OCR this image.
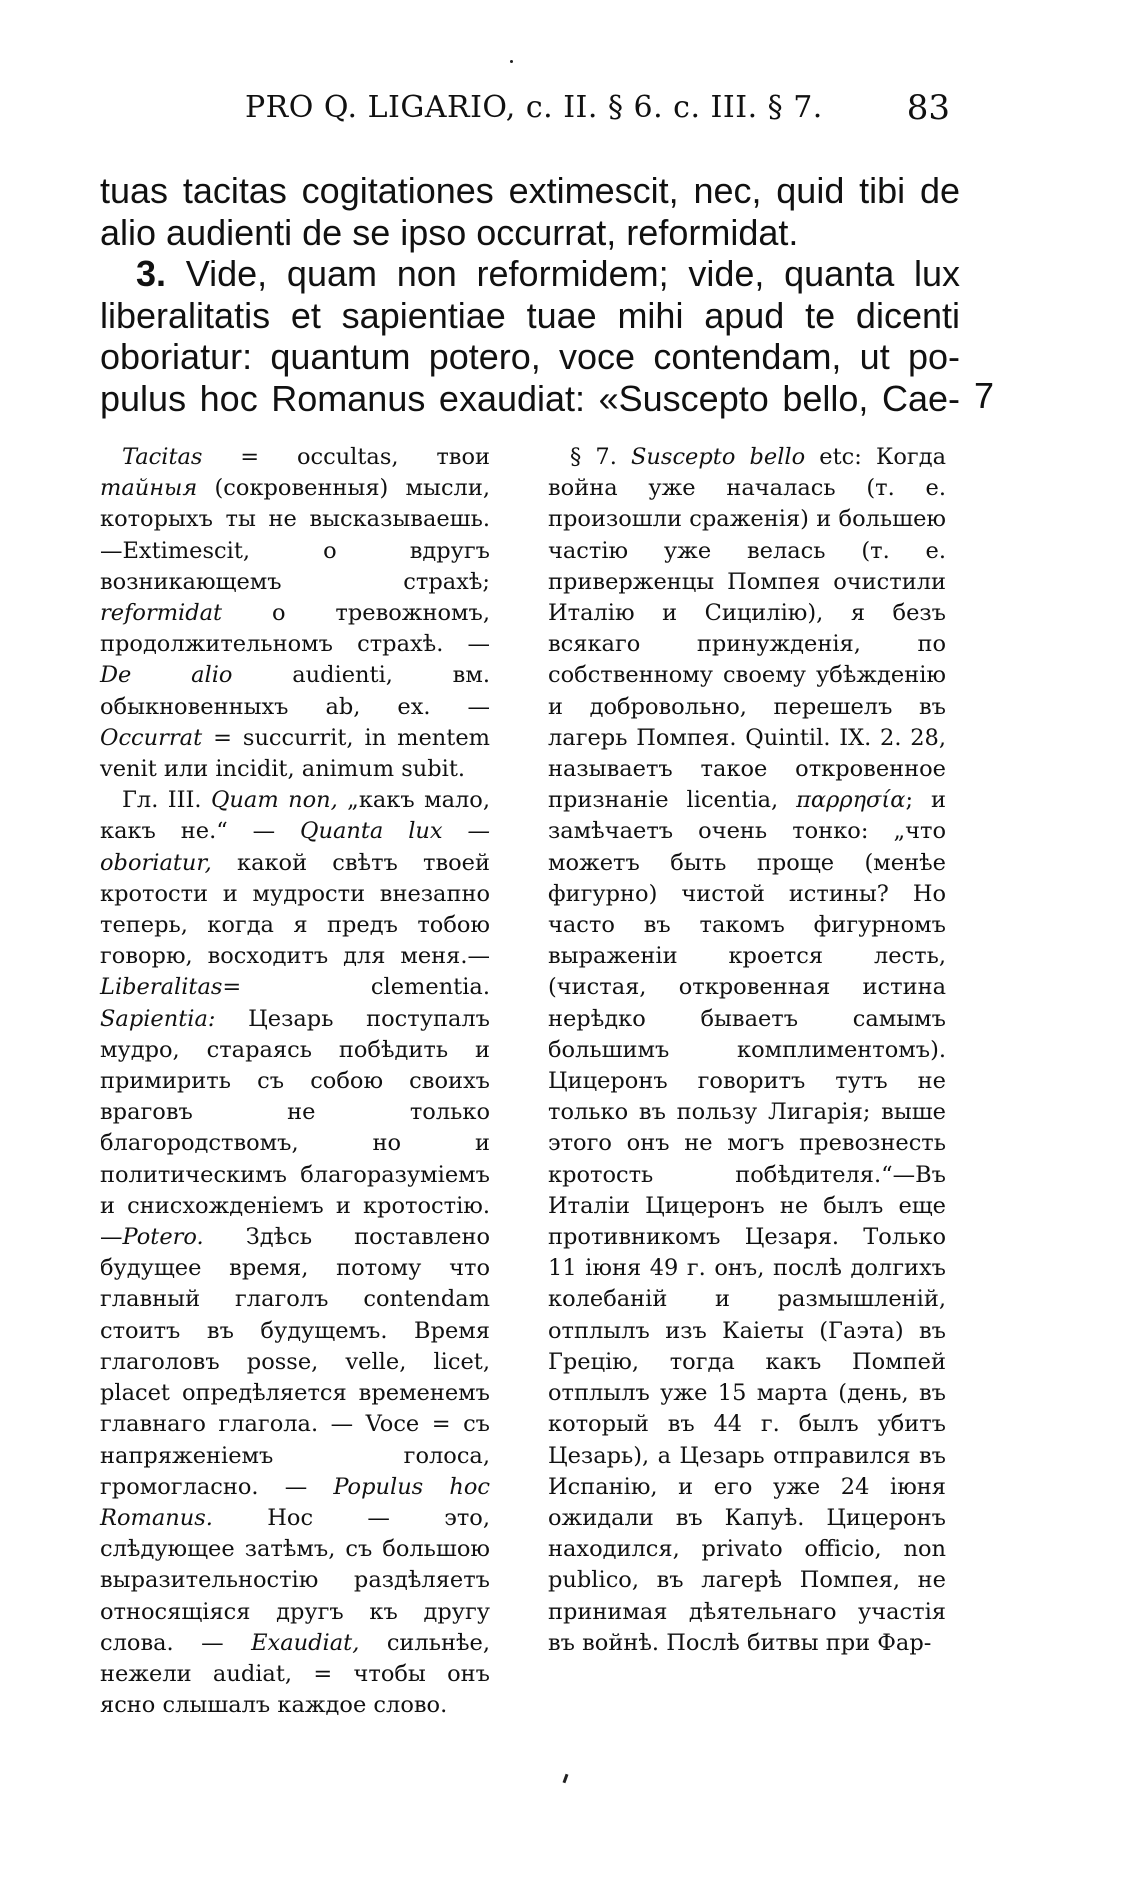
PRO Q. LIGARIO, c. II. § 6. c. III. § 7. 83
tuas tacitas cogitationes extimescit, nec, quid tibi de
alio audienti de se ipso occurrat, reformidat.
 3. Vide, quam non reformidem; vide, quanta lux
liberalitatis et sapientiae tuae mihi apud te dicenti
oboriatur: quantum potero, voce contendam, ut po-
pulus hoc Romanus exaudiat: «Suscepto bello, Cae- 7

Tacitas = occultas, твои тайныя (сокровенныя) мысли, которыхъ ты не высказываешь.—Extimescit, о вдругъ возникающемъ страхѣ; reformidat о тревожномъ, продолжительномъ страхѣ. — De alio audienti, вм. обыкновенныхъ ab, ex. — Occurrat = succurrit, in mentem venit или incidit, animum subit.

Гл. III. Quam non, „какъ мало, какъ не.“ — Quanta lux —oboriatur, какой свѣтъ твоей кротости и мудрости внезапно теперь, когда я предъ тобою говорю, восходитъ для меня.—Liberalitas= clementia. Sapientia: Цезарь поступалъ мудро, стараясь побѣдить и примирить съ собою своихъ враговъ не только благородствомъ, но и политическимъ благоразуміемъ и снисхожденіемъ и кротостію. —Potero. Здѣсь поставлено будущее время, потому что главный глаголъ contendam стоитъ въ будущемъ. Время глаголовъ posse, velle, licet, placet опредѣляется временемъ главнаго глагола. — Voce = съ напряженіемъ голоса, громогласно. — Populus hoc Romanus. Hoc — это, слѣдующее затѣмъ, съ большою выразительностію раздѣляетъ относящіяся другъ къ другу слова. — Exaudiat, сильнѣе, нежели audiat, = чтобы онъ ясно слышалъ каждое слово.

§ 7. Suscepto bello etc: Когда война уже началась (т. е. произошли сраженія) и большею частію уже велась (т. е. приверженцы Помпея очистили Италію и Сицилію), я безъ всякаго принужденія, по собственному своему убѣжденію и добровольно, перешелъ въ лагерь Помпея. Quintil. IX. 2. 28, называетъ такое откровенное признаніе licentia, παρρησία; и замѣчаетъ очень тонко: „что можетъ быть проще (менѣе фигурно) чистой истины? Но часто въ такомъ фигурномъ выраженіи кроется лесть, (чистая, откровенная истина нерѣдко бываетъ самымъ большимъ комплиментомъ). Цицеронъ говоритъ тутъ не только въ пользу Лигарія; выше этого онъ не могъ превознесть кротость побѣдителя.“—Въ Италіи Цицеронъ не былъ еще противникомъ Цезаря. Только 11 іюня 49 г. онъ, послѣ долгихъ колебаній и размышленій, отплылъ изъ Каіеты (Гаэта) въ Грецію, тогда какъ Помпей отплылъ уже 15 марта (день, въ который въ 44 г. былъ убитъ Цезарь), а Цезарь отправился въ Испанію, и его уже 24 іюня ожидали въ Капуѣ. Цицеронъ находился, privato officio, non publico, въ лагерѣ Помпея, не принимая дѣятельнаго участія въ войнѣ. Послѣ битвы при Фар-
